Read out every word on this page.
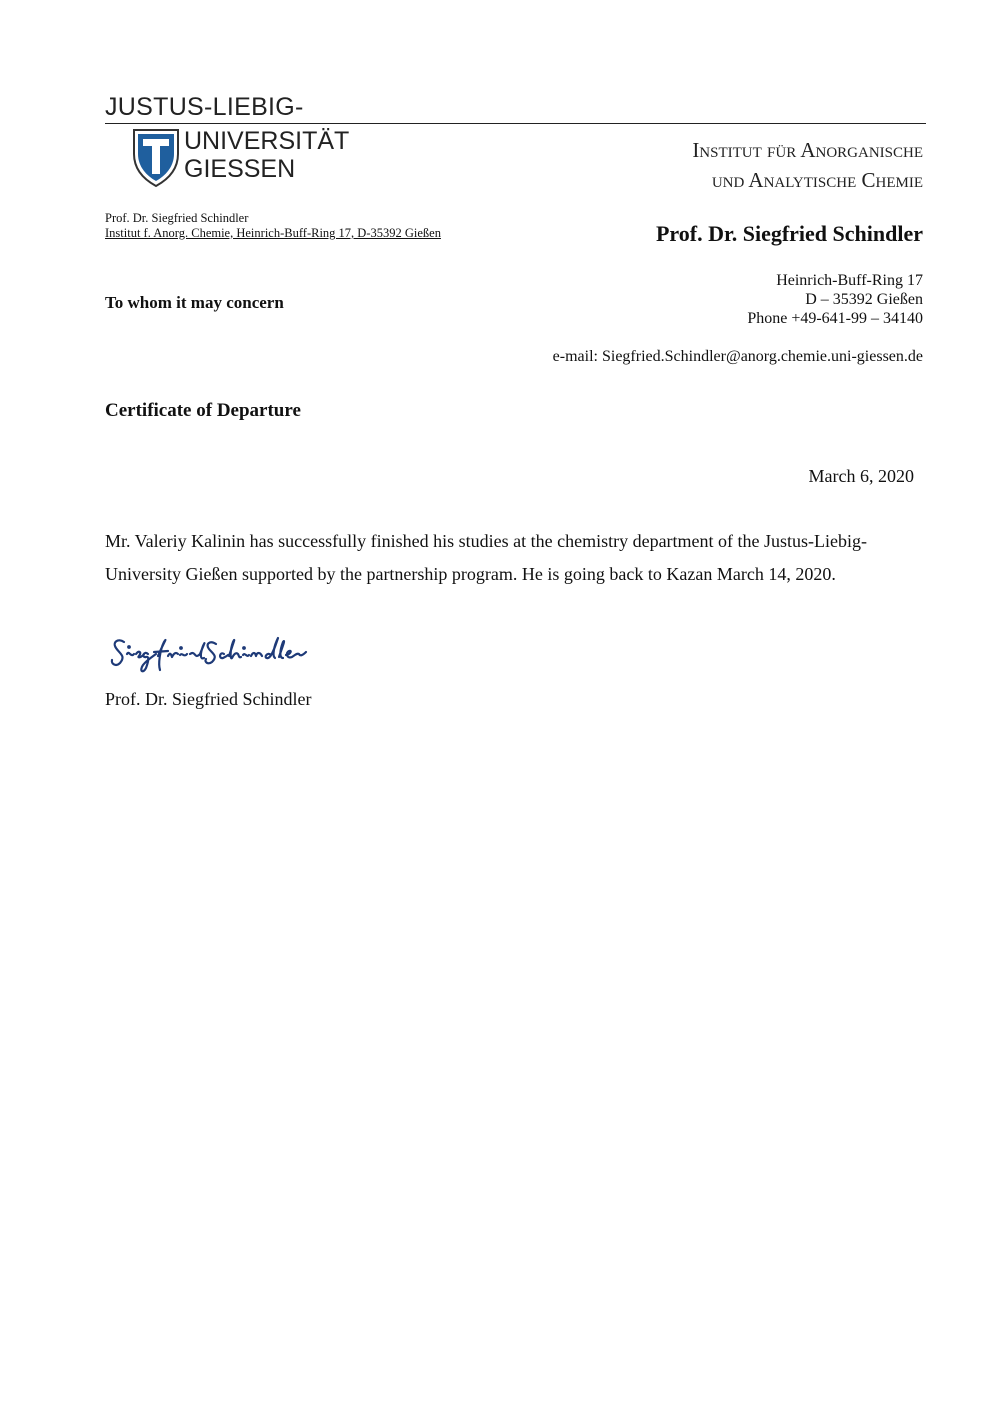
JUSTUS-LIEBIG-
UNIVERSITÄT
GIESSEN
Institut für Anorganische
und Analytische Chemie
Prof. Dr. Siegfried Schindler
Institut f. Anorg. Chemie, Heinrich-Buff-Ring 17, D-35392 Gießen	Prof. Dr. Siegfried Schindler
Heinrich-Buff-Ring 17
D – 35392 Gießen
Phone +49-641-99 – 34140
e-mail: Siegfried.Schindler@anorg.chemie.uni-giessen.de
To whom it may concern
Certificate of Departure
March 6, 2020
Mr. Valeriy Kalinin has successfully finished his studies at the chemistry department of the Justus-Liebig-University Gießen supported by the partnership program. He is going back to Kazan March 14, 2020.
Prof. Dr. Siegfried Schindler
